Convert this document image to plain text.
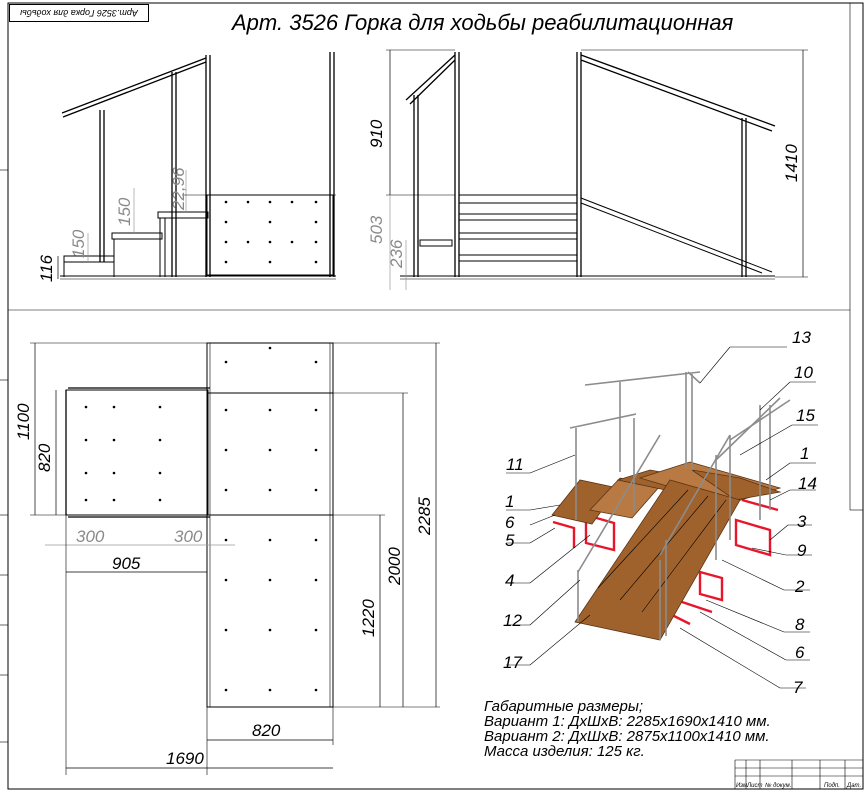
116
150
150
22,96
910
503
236
1410
1100
820
300	300
905	2000
1220
2285
820
1690
13
10
15
1
14
3
9
2
8
6
7
11
1
6
5
4
12
17
Арт. 3526 Горка для ходьбы реабилитационная
Арт.3526 Горка для ходьбы
Габаритные размеры;
Вариант 1: ДхШхВ: 2285х1690х1410 мм.
Вариант 2: ДхШхВ: 2875х1100х1410 мм.
Масса изделия: 125 кг.
Изм.
Лист № докум.	Подп. Дат.
